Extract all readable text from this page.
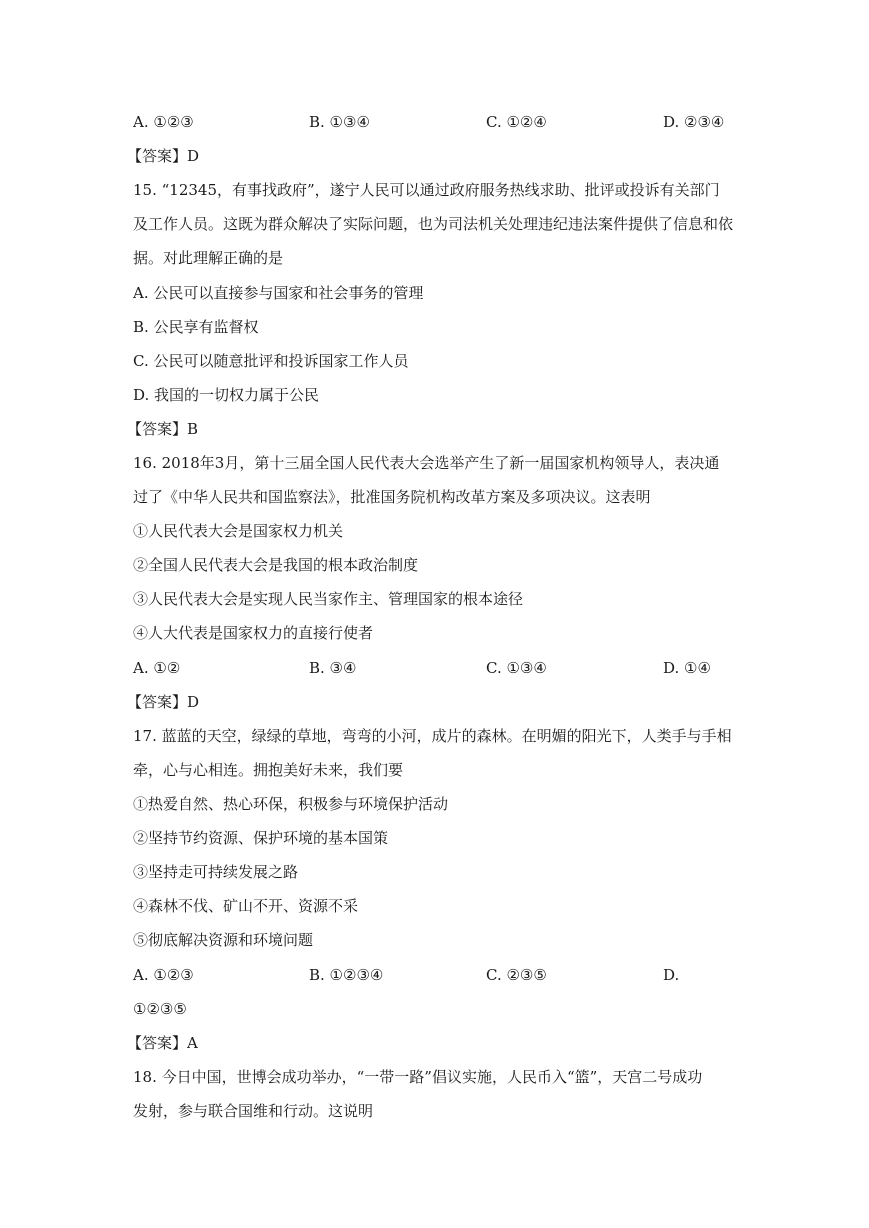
A. ①②③	B. ①③④	C. ①②④	D. ②③④
【答案】D
15. “12345，有事找政府”，遂宁人民可以通过政府服务热线求助、批评或投诉有关部门
及工作人员。这既为群众解决了实际问题，也为司法机关处理违纪违法案件提供了信息和依
据。对此理解正确的是
A. 公民可以直接参与国家和社会事务的管理
B. 公民享有监督权
C. 公民可以随意批评和投诉国家工作人员
D. 我国的一切权力属于公民
【答案】B
16. 2018年3月，第十三届全国人民代表大会选举产生了新一届国家机构领导人，表决通
过了《中华人民共和国监察法》，批准国务院机构改革方案及多项决议。这表明
①人民代表大会是国家权力机关
②全国人民代表大会是我国的根本政治制度
③人民代表大会是实现人民当家作主、管理国家的根本途径
④人大代表是国家权力的直接行使者
A. ①②	B. ③④	C. ①③④	D. ①④
【答案】D
17. 蓝蓝的天空，绿绿的草地，弯弯的小河，成片的森林。在明媚的阳光下，人类手与手相
牵，心与心相连。拥抱美好未来，我们要
①热爱自然、热心环保，积极参与环境保护活动
②坚持节约资源、保护环境的基本国策
③坚持走可持续发展之路
④森林不伐、矿山不开、资源不采
⑤彻底解决资源和环境问题
A. ①②③	B. ①②③④	C. ②③⑤	D.
①②③⑤
【答案】A
18. 今日中国，世博会成功举办，“一带一路”倡议实施，人民币入“篮”，天宫二号成功
发射，参与联合国维和行动。这说明
